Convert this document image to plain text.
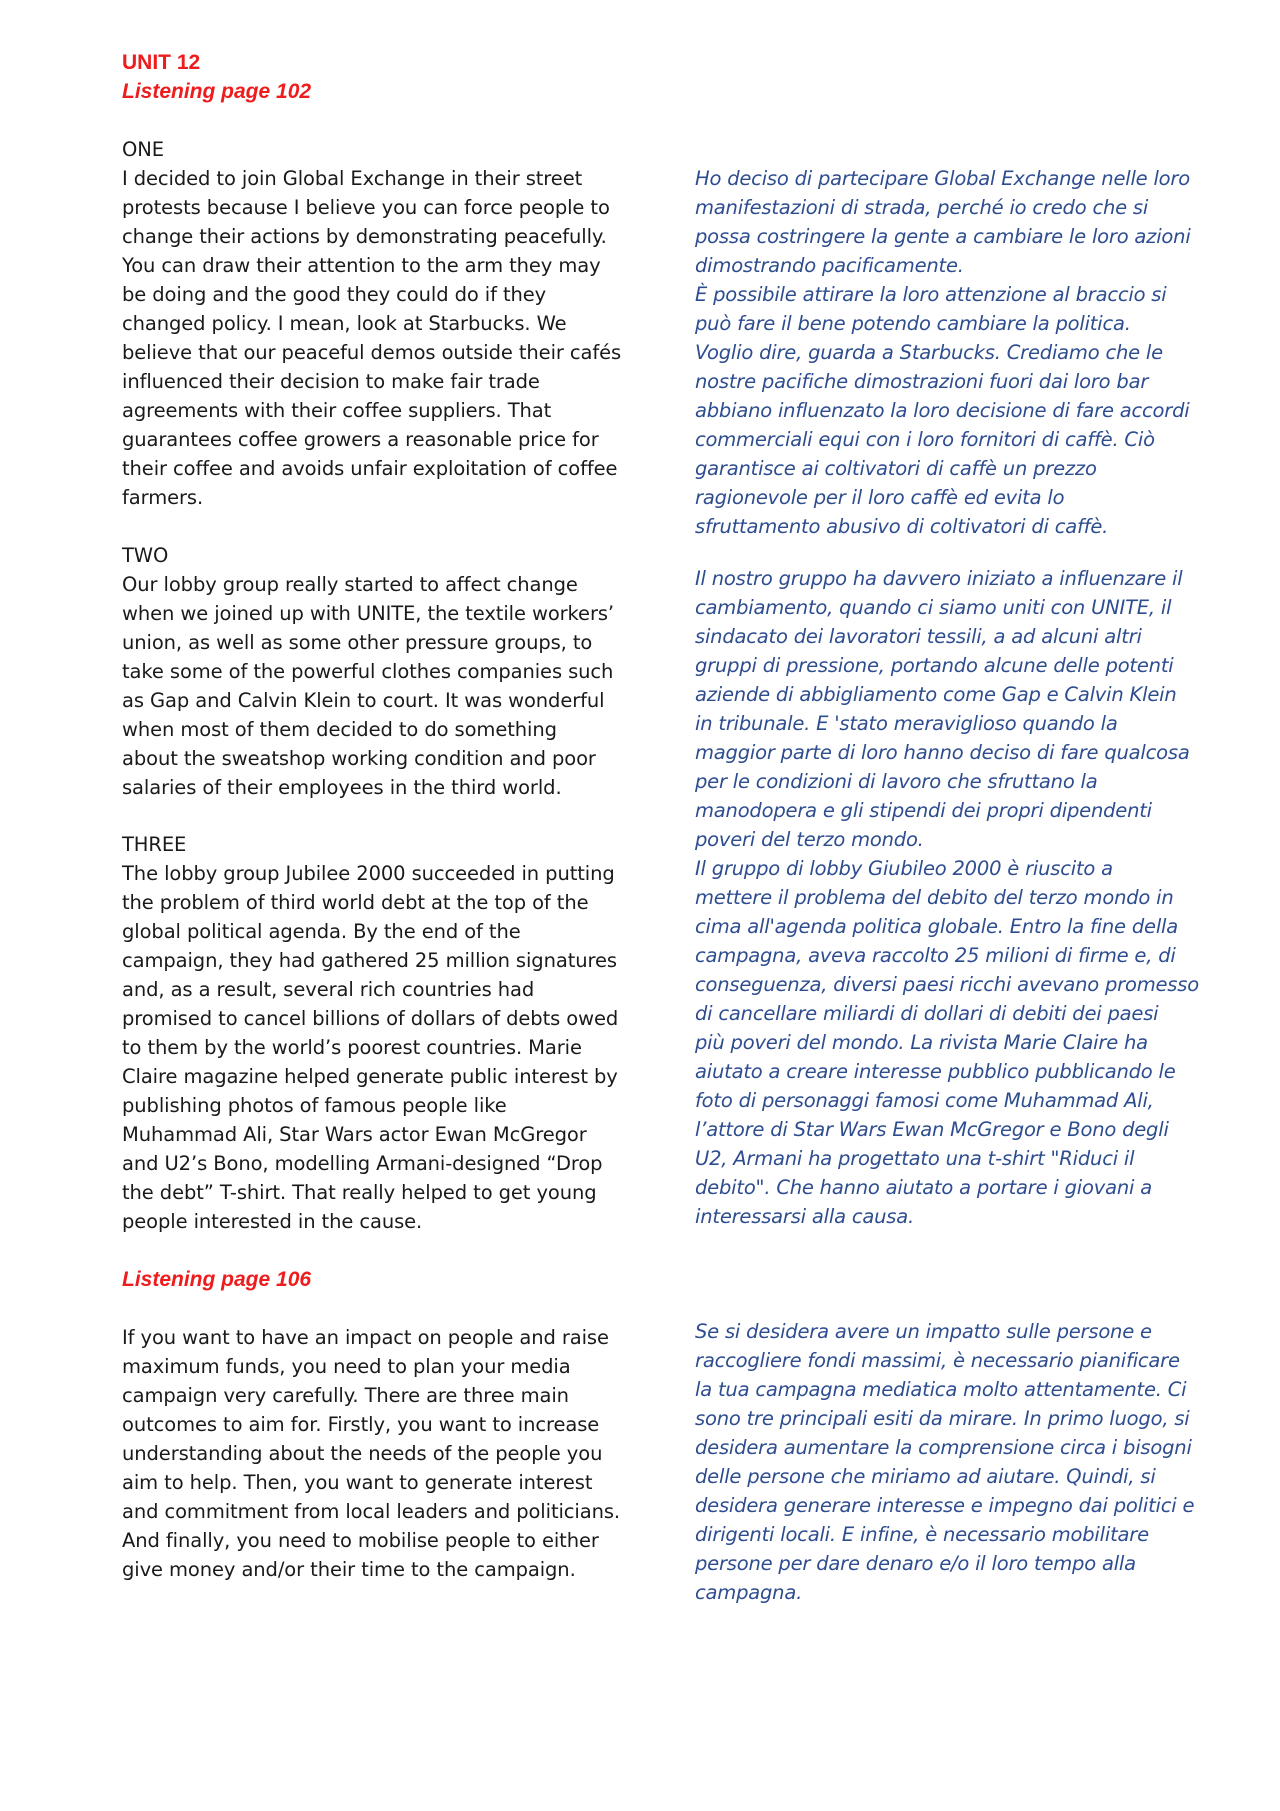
UNIT 12

Listening page 102

ONE

I decided to join Global Exchange in their street
protests because I believe you can force people to
change their actions by demonstrating peacefully.
You can draw their attention to the arm they may
be doing and the good they could do if they
changed policy. I mean, look at Starbucks. We
believe that our peaceful demos outside their cafés
influenced their decision to make fair trade
agreements with their coffee suppliers. That
guarantees coffee growers a reasonable price for
their coffee and avoids unfair exploitation of coffee
farmers.
Ho deciso di partecipare Global Exchange nelle loro
manifestazioni di strada, perché io credo che si
possa costringere la gente a cambiare le loro azioni
dimostrando pacificamente.
È possibile attirare la loro attenzione al braccio si
può fare il bene potendo cambiare la politica.
Voglio dire, guarda a Starbucks. Crediamo che le
nostre pacifiche dimostrazioni fuori dai loro bar
abbiano influenzato la loro decisione di fare accordi
commerciali equi con i loro fornitori di caffè. Ciò
garantisce ai coltivatori di caffè un prezzo
ragionevole per il loro caffè ed evita lo
sfruttamento abusivo di coltivatori di caffè.

TWO

Our lobby group really started to affect change
when we joined up with UNITE, the textile workers’
union, as well as some other pressure groups, to
take some of the powerful clothes companies such
as Gap and Calvin Klein to court. It was wonderful
when most of them decided to do something
about the sweatshop working condition and poor
salaries of their employees in the third world.
Il nostro gruppo ha davvero iniziato a influenzare il
cambiamento, quando ci siamo uniti con UNITE, il
sindacato dei lavoratori tessili, a ad alcuni altri
gruppi di pressione, portando alcune delle potenti
aziende di abbigliamento come Gap e Calvin Klein
in tribunale. E 'stato meraviglioso quando la
maggior parte di loro hanno deciso di fare qualcosa
per le condizioni di lavoro che sfruttano la
manodopera e gli stipendi dei propri dipendenti
poveri del terzo mondo.
Il gruppo di lobby Giubileo 2000 è riuscito a
mettere il problema del debito del terzo mondo in
cima all'agenda politica globale. Entro la fine della
campagna, aveva raccolto 25 milioni di firme e, di
conseguenza, diversi paesi ricchi avevano promesso
di cancellare miliardi di dollari di debiti dei paesi
più poveri del mondo. La rivista Marie Claire ha
aiutato a creare interesse pubblico pubblicando le
foto di personaggi famosi come Muhammad Ali,
l’attore di Star Wars Ewan McGregor e Bono degli
U2, Armani ha progettato una t-shirt "Riduci il
debito". Che hanno aiutato a portare i giovani a
interessarsi alla causa.

THREE

The lobby group Jubilee 2000 succeeded in putting
the problem of third world debt at the top of the
global political agenda. By the end of the
campaign, they had gathered 25 million signatures
and, as a result, several rich countries had
promised to cancel billions of dollars of debts owed
to them by the world’s poorest countries. Marie
Claire magazine helped generate public interest by
publishing photos of famous people like
Muhammad Ali, Star Wars actor Ewan McGregor
and U2’s Bono, modelling Armani-designed “Drop
the debt” T-shirt. That really helped to get young
people interested in the cause.

Listening page 106

If you want to have an impact on people and raise
maximum funds, you need to plan your media
campaign very carefully. There are three main
outcomes to aim for. Firstly, you want to increase
understanding about the needs of the people you
aim to help. Then, you want to generate interest
and commitment from local leaders and politicians.
And finally, you need to mobilise people to either
give money and/or their time to the campaign.
Se si desidera avere un impatto sulle persone e
raccogliere fondi massimi, è necessario pianificare
la tua campagna mediatica molto attentamente. Ci
sono tre principali esiti da mirare. In primo luogo, si
desidera aumentare la comprensione circa i bisogni
delle persone che miriamo ad aiutare. Quindi, si
desidera generare interesse e impegno dai politici e
dirigenti locali. E infine, è necessario mobilitare
persone per dare denaro e/o il loro tempo alla
campagna.
